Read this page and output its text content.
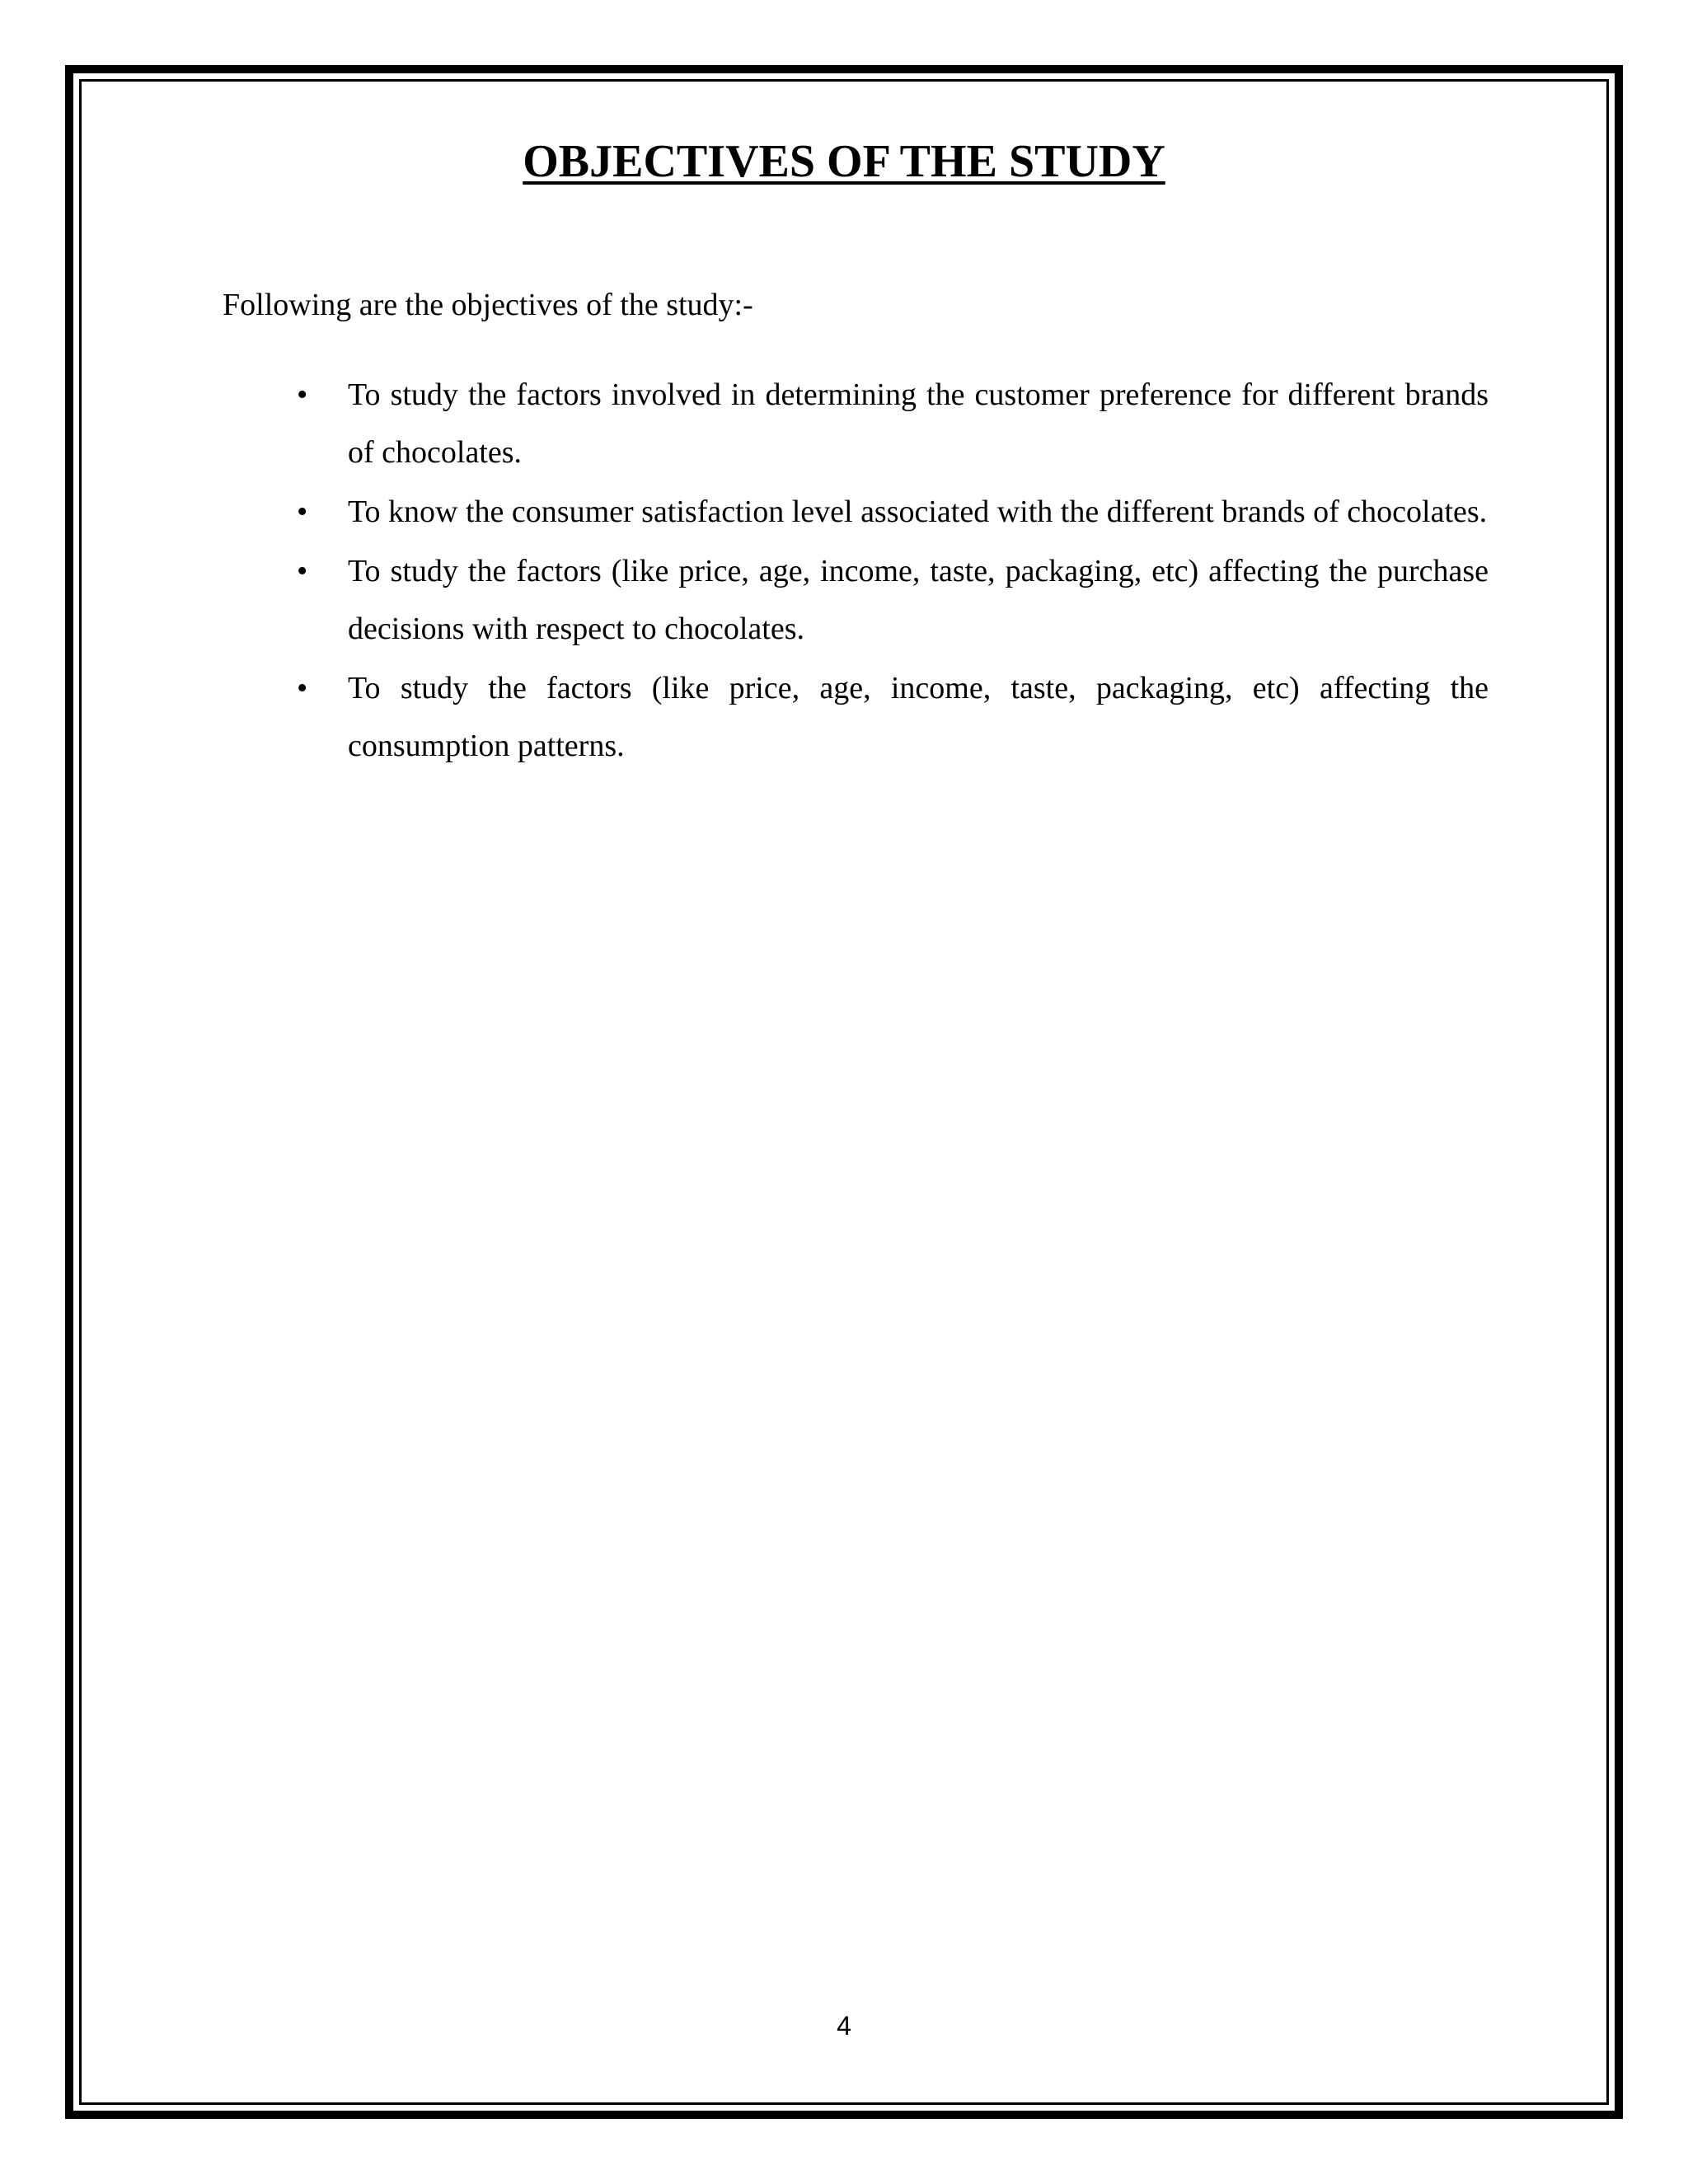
OBJECTIVES OF THE STUDY
Following are the objectives of the study:-
•	To study the factors involved in determining the customer preference for different brands of chocolates.
•	To know the consumer satisfaction level associated with the different brands of chocolates.
•	To study the factors (like price, age, income, taste, packaging, etc) affecting the purchase decisions with respect to chocolates.
•	To study the factors (like price, age, income, taste, packaging, etc) affecting the consumption patterns.
4
